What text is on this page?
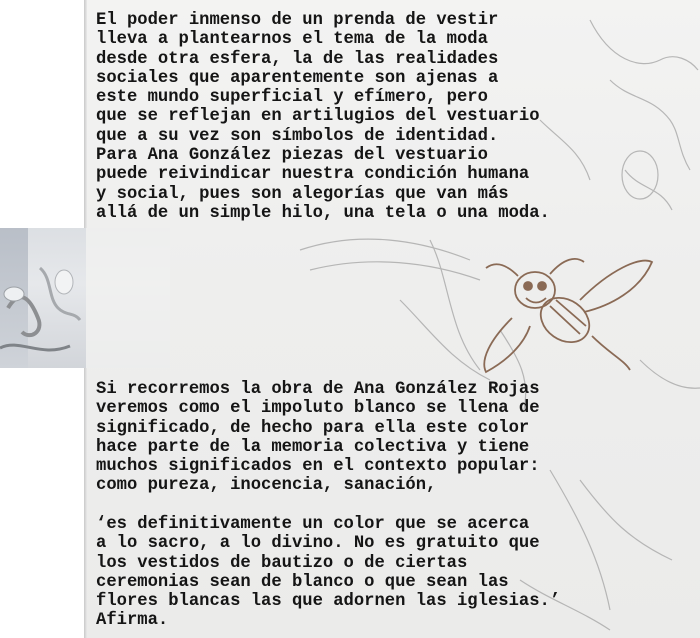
El poder inmenso de un prenda de vestir
lleva a plantearnos el tema de la moda
desde otra esfera, la de las realidades
sociales que aparentemente son ajenas a
este mundo superficial y efímero, pero
que se reflejan en artilugios del vestuario
que a su vez son símbolos de identidad.
Para Ana González piezas del vestuario
puede reivindicar nuestra condición humana
y social, pues son alegorías que van más
allá de un simple hilo, una tela o una moda.
Si recorremos la obra de Ana González Rojas
veremos como el impoluto blanco se llena de
significado, de hecho para ella este color
hace parte de la memoria colectiva y tiene
muchos significados en el contexto popular:
como pureza, inocencia, sanación,
‘es definitivamente un color que se acerca
a lo sacro, a lo divino. No es gratuito que
los vestidos de bautizo o de ciertas
ceremonias sean de blanco o que sean las
flores blancas las que adornen las iglesias.’
Afirma.
